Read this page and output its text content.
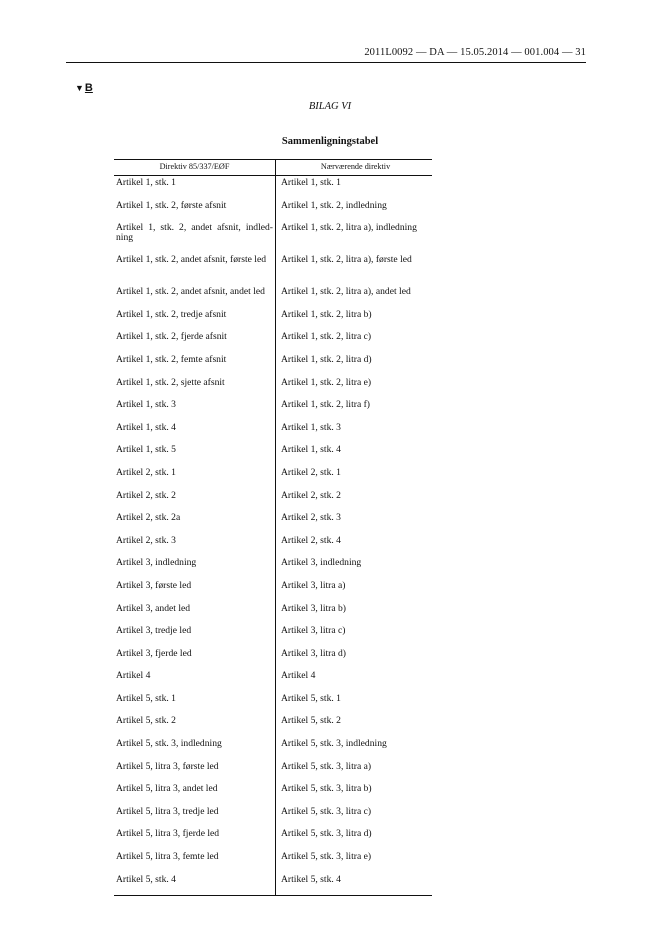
2011L0092 — DA — 15.05.2014 — 001.004 — 31
▼B
BILAG VI
Sammenligningstabel
Direktiv 85/337/EØF	Nærværende direktiv
Artikel 1, stk. 1	Artikel 1, stk. 1
Artikel 1, stk. 2, første afsnit	Artikel 1, stk. 2, indledning
Artikel 1, stk. 2, andet afsnit, indled-ning	Artikel 1, stk. 2, litra a), indledning
Artikel 1, stk. 2, andet afsnit, første led	Artikel 1, stk. 2, litra a), første led
Artikel 1, stk. 2, andet afsnit, andet led	Artikel 1, stk. 2, litra a), andet led
Artikel 1, stk. 2, tredje afsnit	Artikel 1, stk. 2, litra b)
Artikel 1, stk. 2, fjerde afsnit	Artikel 1, stk. 2, litra c)
Artikel 1, stk. 2, femte afsnit	Artikel 1, stk. 2, litra d)
Artikel 1, stk. 2, sjette afsnit	Artikel 1, stk. 2, litra e)
Artikel 1, stk. 3	Artikel 1, stk. 2, litra f)
Artikel 1, stk. 4	Artikel 1, stk. 3
Artikel 1, stk. 5	Artikel 1, stk. 4
Artikel 2, stk. 1	Artikel 2, stk. 1
Artikel 2, stk. 2	Artikel 2, stk. 2
Artikel 2, stk. 2a	Artikel 2, stk. 3
Artikel 2, stk. 3	Artikel 2, stk. 4
Artikel 3, indledning	Artikel 3, indledning
Artikel 3, første led	Artikel 3, litra a)
Artikel 3, andet led	Artikel 3, litra b)
Artikel 3, tredje led	Artikel 3, litra c)
Artikel 3, fjerde led	Artikel 3, litra d)
Artikel 4	Artikel 4
Artikel 5, stk. 1	Artikel 5, stk. 1
Artikel 5, stk. 2	Artikel 5, stk. 2
Artikel 5, stk. 3, indledning	Artikel 5, stk. 3, indledning
Artikel 5, litra 3, første led	Artikel 5, stk. 3, litra a)
Artikel 5, litra 3, andet led	Artikel 5, stk. 3, litra b)
Artikel 5, litra 3, tredje led	Artikel 5, stk. 3, litra c)
Artikel 5, litra 3, fjerde led	Artikel 5, stk. 3, litra d)
Artikel 5, litra 3, femte led	Artikel 5, stk. 3, litra e)
Artikel 5, stk. 4	Artikel 5, stk. 4
